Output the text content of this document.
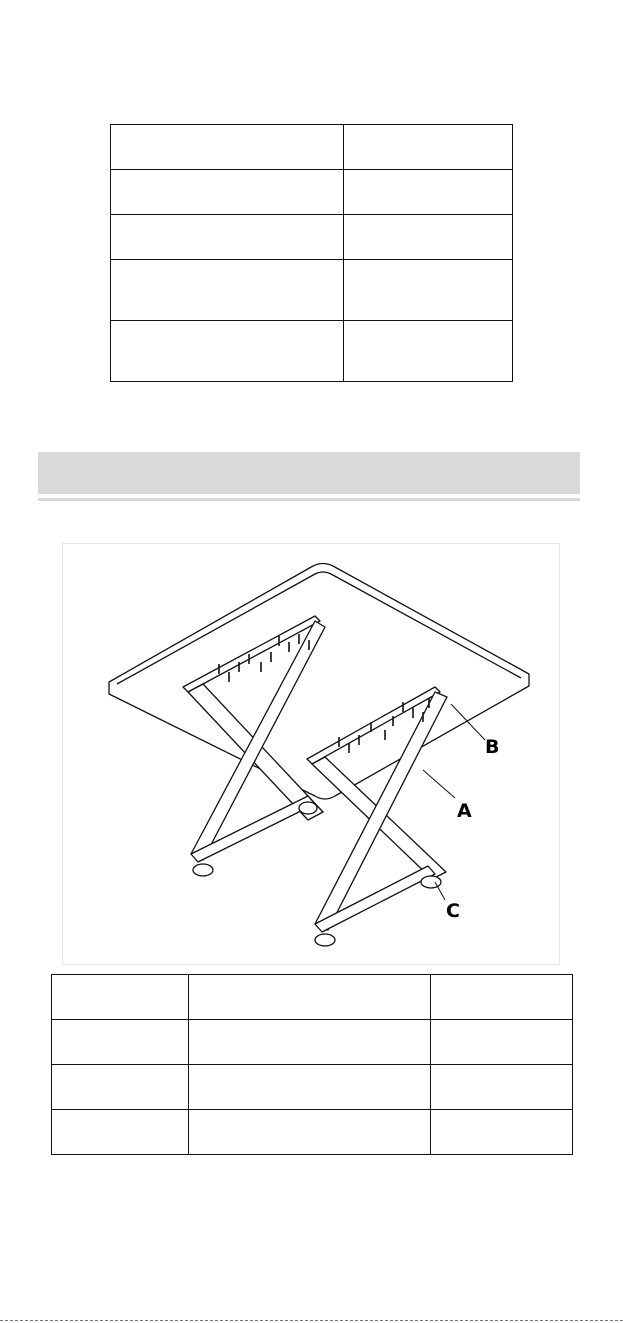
B
A
C
